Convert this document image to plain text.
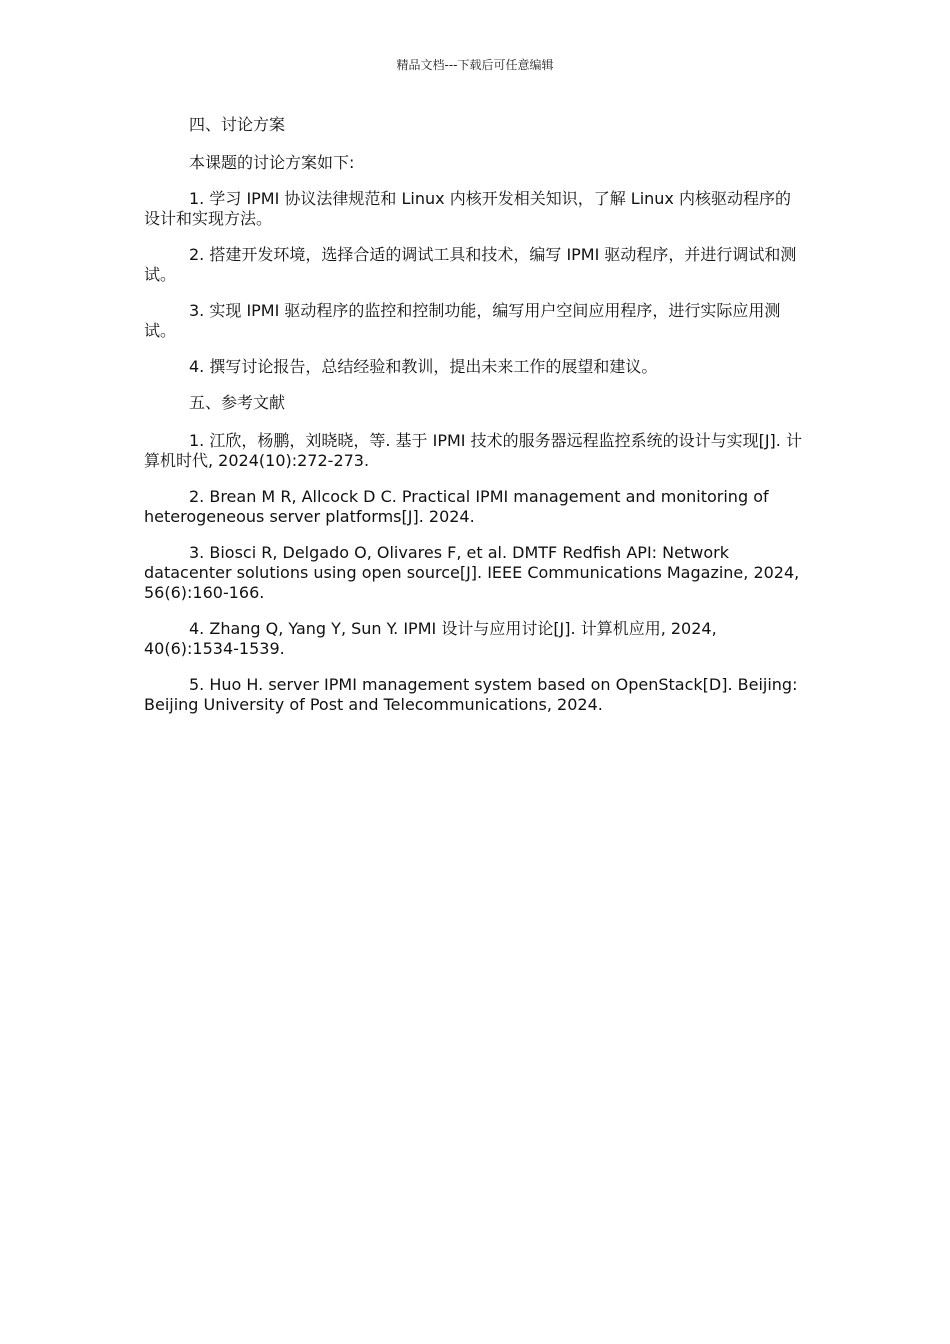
精品文档---下载后可任意编辑
四、讨论方案
本课题的讨论方案如下:
1. 学习 IPMI 协议法律规范和 Linux 内核开发相关知识，了解 Linux 内核驱动程序的设计和实现方法。
2. 搭建开发环境，选择合适的调试工具和技术，编写 IPMI 驱动程序，并进行调试和测试。
3. 实现 IPMI 驱动程序的监控和控制功能，编写用户空间应用程序，进行实际应用测试。
4. 撰写讨论报告，总结经验和教训，提出未来工作的展望和建议。
五、参考文献
1. 江欣，杨鹏，刘晓晓，等. 基于 IPMI 技术的服务器远程监控系统的设计与实现[J]. 计算机时代, 2024(10):272-273.
2. Brean M R, Allcock D C. Practical IPMI management and monitoring of heterogeneous server platforms[J]. 2024.
3. Biosci R, Delgado O, Olivares F, et al. DMTF Redfish API: Network datacenter solutions using open source[J]. IEEE Communications Magazine, 2024, 56(6):160-166.
4. Zhang Q, Yang Y, Sun Y. IPMI 设计与应用讨论[J]. 计算机应用, 2024, 40(6):1534-1539.
5. Huo H. server IPMI management system based on OpenStack[D]. Beijing: Beijing University of Post and Telecommunications, 2024.
